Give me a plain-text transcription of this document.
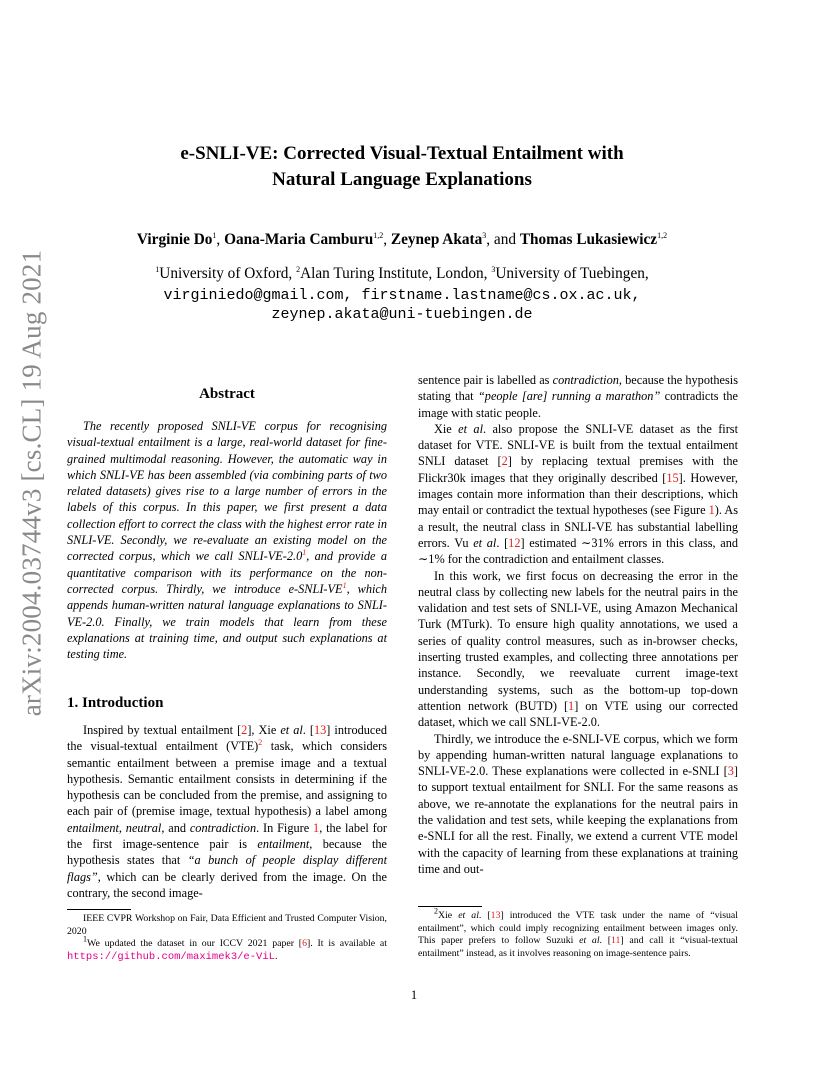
arXiv:2004.03744v3 [cs.CL] 19 Aug 2021
e-SNLI-VE: Corrected Visual-Textual Entailment with
Natural Language Explanations
Virginie Do$^1$, Oana-Maria Camburu$^{1,2}$, Zeynep Akata$^3$, and Thomas Lukasiewicz$^{1,2}$
$^1$University of Oxford, $^2$Alan Turing Institute, London, $^3$University of Tuebingen,
virginiedo@gmail.com, firstname.lastname@cs.ox.ac.uk,
zeynep.akata@uni-tuebingen.de
Abstract

The recently proposed SNLI-VE corpus for recognising visual-textual entailment is a large, real-world dataset for fine-grained multimodal reasoning. However, the automatic way in which SNLI-VE has been assembled (via combining parts of two related datasets) gives rise to a large number of errors in the labels of this corpus. In this paper, we first present a data collection effort to correct the class with the highest error rate in SNLI-VE. Secondly, we re-evaluate an existing model on the corrected corpus, which we call SNLI-VE-2.0$^1$, and provide a quantitative comparison with its performance on the non-corrected corpus. Thirdly, we introduce e-SNLI-VE$^1$, which appends human-written natural language explanations to SNLI-VE-2.0. Finally, we train models that learn from these explanations at training time, and output such explanations at testing time.

1. Introduction

Inspired by textual entailment [2], Xie et al. [13] introduced the visual-textual entailment (VTE)$^2$ task, which considers semantic entailment between a premise image and a textual hypothesis. Semantic entailment consists in determining if the hypothesis can be concluded from the premise, and assigning to each pair of (premise image, textual hypothesis) a label among entailment, neutral, and contradiction. In Figure 1, the label for the first image-sentence pair is entailment, because the hypothesis states that “a bunch of people display different flags”, which can be clearly derived from the image. On the contrary, the second image-

IEEE CVPR Workshop on Fair, Data Efficient and Trusted Computer Vision, 2020

$^1$We updated the dataset in our ICCV 2021 paper [6]. It is available at https://github.com/maximek3/e-ViL.

sentence pair is labelled as contradiction, because the hypothesis stating that “people [are] running a marathon” contradicts the image with static people.

Xie et al. also propose the SNLI-VE dataset as the first dataset for VTE. SNLI-VE is built from the textual entailment SNLI dataset [2] by replacing textual premises with the Flickr30k images that they originally described [15]. However, images contain more information than their descriptions, which may entail or contradict the textual hypotheses (see Figure 1). As a result, the neutral class in SNLI-VE has substantial labelling errors. Vu et al. [12] estimated ∼31% errors in this class, and ∼1% for the contradiction and entailment classes.

In this work, we first focus on decreasing the error in the neutral class by collecting new labels for the neutral pairs in the validation and test sets of SNLI-VE, using Amazon Mechanical Turk (MTurk). To ensure high quality annotations, we used a series of quality control measures, such as in-browser checks, inserting trusted examples, and collecting three annotations per instance. Secondly, we reevaluate current image-text understanding systems, such as the bottom-up top-down attention network (BUTD) [1] on VTE using our corrected dataset, which we call SNLI-VE-2.0.

Thirdly, we introduce the e-SNLI-VE corpus, which we form by appending human-written natural language explanations to SNLI-VE-2.0. These explanations were collected in e-SNLI [3] to support textual entailment for SNLI. For the same reasons as above, we re-annotate the explanations for the neutral pairs in the validation and test sets, while keeping the explanations from e-SNLI for all the rest. Finally, we extend a current VTE model with the capacity of learning from these explanations at training time and out-

$^2$Xie et al. [13] introduced the VTE task under the name of “visual entailment”, which could imply recognizing entailment between images only. This paper prefers to follow Suzuki et al. [11] and call it “visual-textual entailment” instead, as it involves reasoning on image-sentence pairs.

1
